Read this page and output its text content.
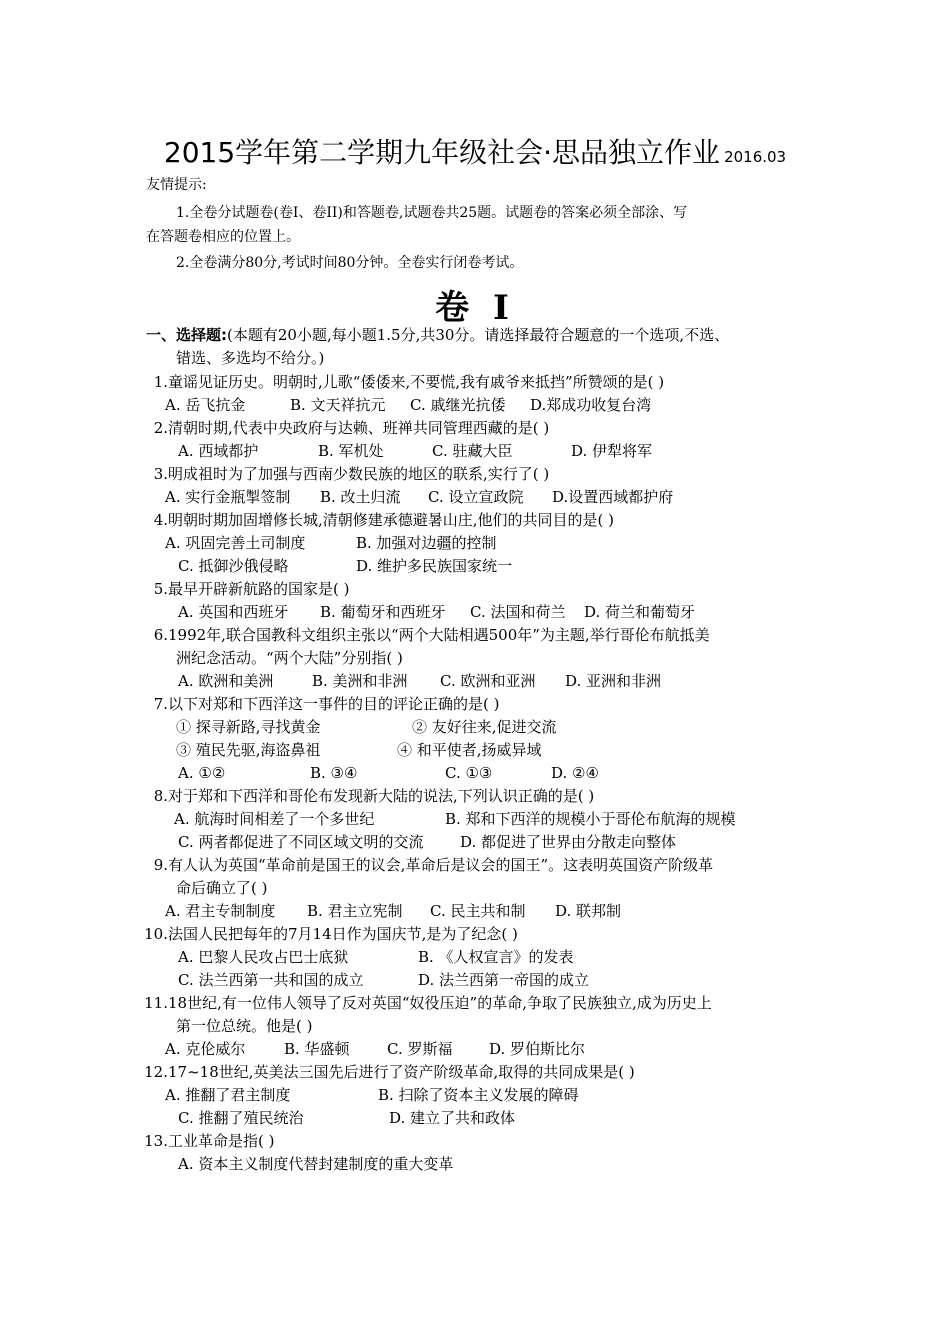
2015学年第二学期九年级社会·思品独立作业 2016.03
友情提示:
1.全卷分试题卷(卷I、卷II)和答题卷,试题卷共25题。试题卷的答案必须全部涂、写
在答题卷相应的位置上。
2.全卷满分80分,考试时间80分钟。全卷实行闭卷考试。
卷 I
一、选择题:(本题有20小题,每小题1.5分,共30分。请选择最符合题意的一个选项,不选、
错选、多选均不给分。)
1. 童谣见证历史。明朝时,儿歌“倭倭来,不要慌,我有戚爷来抵挡”所赞颂的是( )
A. 岳飞抗金	B. 文天祥抗元 C. 戚继光抗倭 D.郑成功收复台湾
2. 清朝时期,代表中央政府与达赖、班禅共同管理西藏的是( )
A. 西域都护	B. 军机处	C. 驻藏大臣	D. 伊犁将军
3. 明成祖时为了加强与西南少数民族的地区的联系,实行了( )
A. 实行金瓶掣签制 B. 改土归流 C. 设立宣政院 D.设置西域都护府
4. 明朝时期加固增修长城,清朝修建承德避暑山庄,他们的共同目的是( )
A. 巩固完善土司制度	B. 加强对边疆的控制
C. 抵御沙俄侵略	D. 维护多民族国家统一
5. 最早开辟新航路的国家是( )
A. 英国和西班牙 B. 葡萄牙和西班牙 C. 法国和荷兰 D. 荷兰和葡萄牙
6. 1992年,联合国教科文组织主张以“两个大陆相遇500年”为主题,举行哥伦布航抵美
洲纪念活动。“两个大陆”分别指( )
A. 欧洲和美洲	B. 美洲和非洲 C. 欧洲和亚洲 D. 亚洲和非洲
7. 以下对郑和下西洋这一事件的目的评论正确的是( )
① 探寻新路,寻找黄金	② 友好往来,促进交流
③ 殖民先驱,海盗鼻祖	④ 和平使者,扬威异域
A. ①②	B. ③④	C. ①③	D. ②④
8. 对于郑和下西洋和哥伦布发现新大陆的说法,下列认识正确的是( )
A. 航海时间相差了一个多世纪	B. 郑和下西洋的规模小于哥伦布航海的规模
C. 两者都促进了不同区域文明的交流 D. 都促进了世界由分散走向整体
9. 有人认为英国“革命前是国王的议会,革命后是议会的国王”。这表明英国资产阶级革
命后确立了( )
A. 君主专制制度 B. 君主立宪制 C. 民主共和制 D. 联邦制
10. 法国人民把每年的7月14日作为国庆节,是为了纪念( )
A. 巴黎人民攻占巴士底狱	B. 《人权宣言》的发表
C. 法兰西第一共和国的成立	D. 法兰西第一帝国的成立
11. 18世纪,有一位伟人领导了反对英国“奴役压迫”的革命,争取了民族独立,成为历史上
第一位总统。他是( )
A. 克伦威尔	B. 华盛顿 C. 罗斯福 D. 罗伯斯比尔
12. 17~18世纪,英美法三国先后进行了资产阶级革命,取得的共同成果是( )
A. 推翻了君主制度	B. 扫除了资本主义发展的障碍
C. 推翻了殖民统治	D. 建立了共和政体
13. 工业革命是指( )
A. 资本主义制度代替封建制度的重大变革
